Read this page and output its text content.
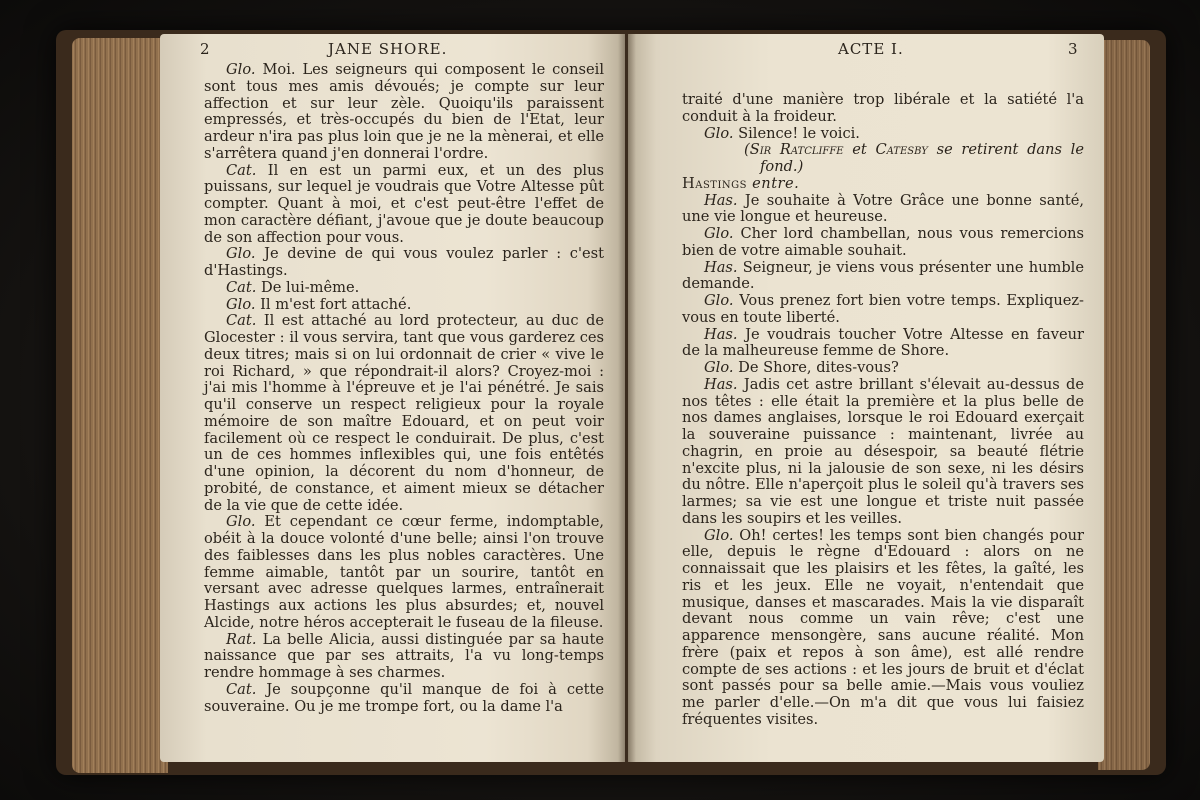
2	JANE SHORE.

Glo. Moi. Les seigneurs qui composent le conseil sont tous mes amis dévoués; je compte sur leur affection et sur leur zèle. Quoiqu'ils paraissent empressés, et très-occupés du bien de l'Etat, leur ardeur n'ira pas plus loin que je ne la mènerai, et elle s'arrêtera quand j'en donnerai l'ordre.

Cat. Il en est un parmi eux, et un des plus puissans, sur lequel je voudrais que Votre Altesse pût compter. Quant à moi, et c'est peut-être l'effet de mon caractère défiant, j'avoue que je doute beaucoup de son affection pour vous.

Glo. Je devine de qui vous voulez parler : c'est d'Hastings.

Cat. De lui-même.

Glo. Il m'est fort attaché.

Cat. Il est attaché au lord protecteur, au duc de Glocester : il vous servira, tant que vous garderez ces deux titres; mais si on lui ordonnait de crier « vive le roi Richard, » que répondrait-il alors? Croyez-moi : j'ai mis l'homme à l'épreuve et je l'ai pénétré. Je sais qu'il conserve un respect religieux pour la royale mémoire de son maître Edouard, et on peut voir facilement où ce respect le conduirait. De plus, c'est un de ces hommes inflexibles qui, une fois entêtés d'une opinion, la décorent du nom d'honneur, de probité, de constance, et aiment mieux se détacher de la vie que de cette idée.

Glo. Et cependant ce cœur ferme, indomptable, obéit à la douce volonté d'une belle; ainsi l'on trouve des faiblesses dans les plus nobles caractères. Une femme aimable, tantôt par un sourire, tantôt en versant avec adresse quelques larmes, entraînerait Hastings aux actions les plus absurdes; et, nouvel Alcide, notre héros accepterait le fuseau de la fileuse.

Rat. La belle Alicia, aussi distinguée par sa haute naissance que par ses attraits, l'a vu long-temps rendre hommage à ses charmes.

Cat. Je soupçonne qu'il manque de foi à cette souveraine. Ou je me trompe fort, ou la dame l'a

ACTE I.	3

traité d'une manière trop libérale et la satiété l'a conduit à la froideur.

Glo. Silence! le voici.

(Sir Ratcliffe et Catesby se retirent dans le fond.)

Hastings entre.

Has. Je souhaite à Votre Grâce une bonne santé, une vie longue et heureuse.

Glo. Cher lord chambellan, nous vous remercions bien de votre aimable souhait.

Has. Seigneur, je viens vous présenter une humble demande.

Glo. Vous prenez fort bien votre temps. Expliquez-vous en toute liberté.

Has. Je voudrais toucher Votre Altesse en faveur de la malheureuse femme de Shore.

Glo. De Shore, dites-vous?

Has. Jadis cet astre brillant s'élevait au-dessus de nos têtes : elle était la première et la plus belle de nos dames anglaises, lorsque le roi Edouard exerçait la souveraine puissance : maintenant, livrée au chagrin, en proie au désespoir, sa beauté flétrie n'excite plus, ni la jalousie de son sexe, ni les désirs du nôtre. Elle n'aperçoit plus le soleil qu'à travers ses larmes; sa vie est une longue et triste nuit passée dans les soupirs et les veilles.

Glo. Oh! certes! les temps sont bien changés pour elle, depuis le règne d'Edouard : alors on ne connaissait que les plaisirs et les fêtes, la gaîté, les ris et les jeux. Elle ne voyait, n'entendait que musique, danses et mascarades. Mais la vie disparaît devant nous comme un vain rêve; c'est une apparence mensongère, sans aucune réalité. Mon frère (paix et repos à son âme), est allé rendre compte de ses actions : et les jours de bruit et d'éclat sont passés pour sa belle amie.—Mais vous vouliez me parler d'elle.—On m'a dit que vous lui faisiez fréquentes visites.
